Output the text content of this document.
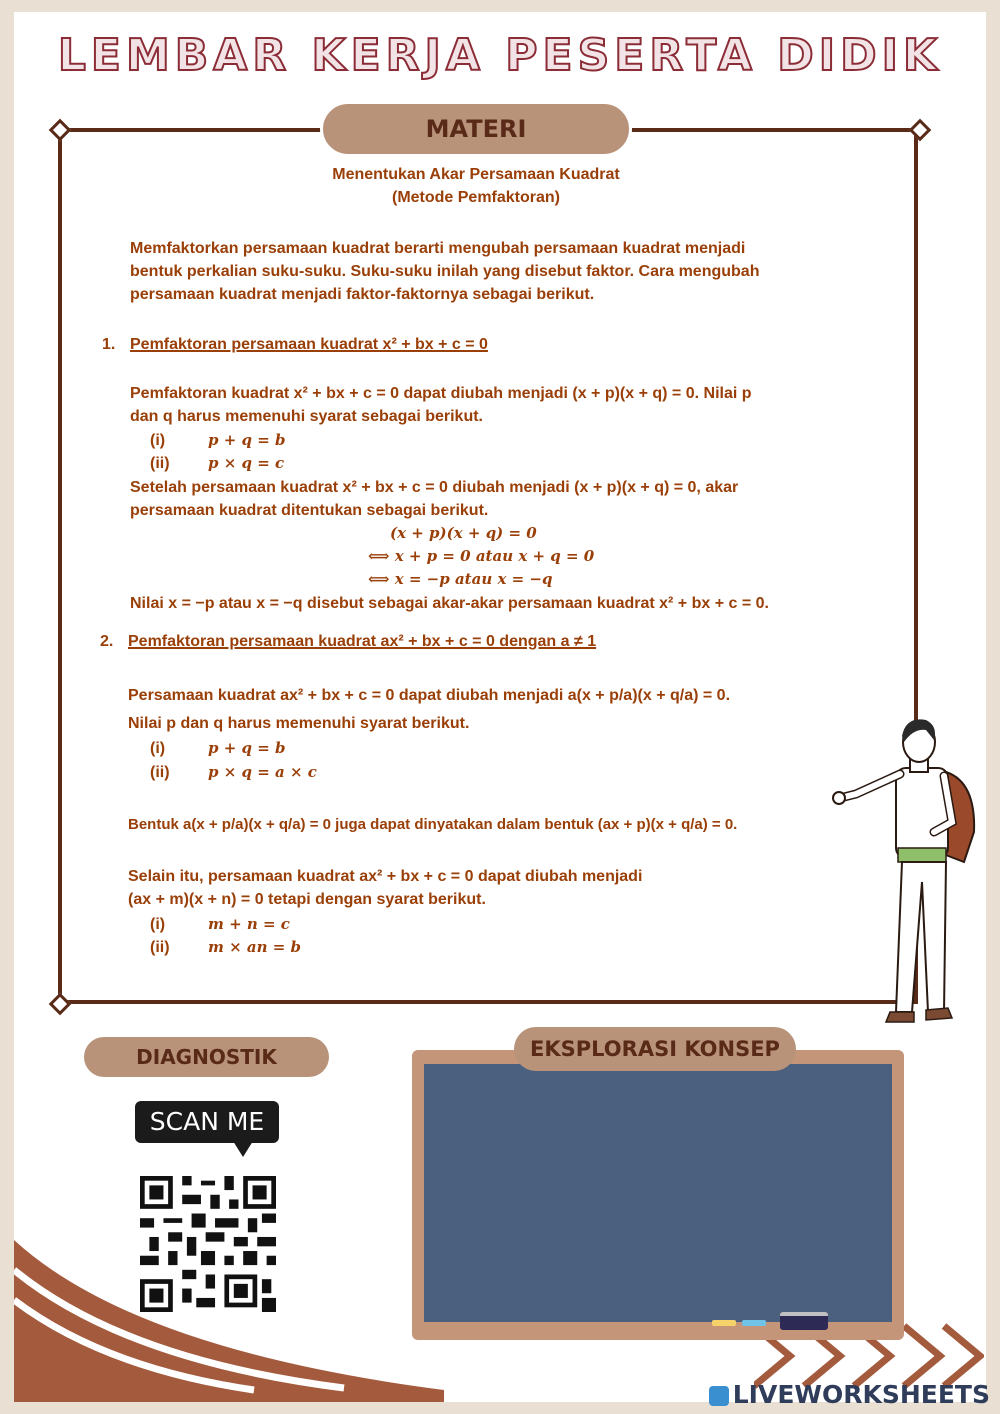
LEMBAR KERJA PESERTA DIDIK
MATERI
Menentukan Akar Persamaan Kuadrat
(Metode Pemfaktoran)
Memfaktorkan persamaan kuadrat berarti mengubah persamaan kuadrat menjadi
bentuk perkalian suku-suku. Suku-suku inilah yang disebut faktor. Cara mengubah
persamaan kuadrat menjadi faktor-faktornya sebagai berikut.
1. Pemfaktoran persamaan kuadrat x² + bx + c = 0
Pemfaktoran kuadrat x² + bx + c = 0 dapat diubah menjadi (x + p)(x + q) = 0. Nilai p
dan q harus memenuhi syarat sebagai berikut.
(i)	p + q = b
(ii)	p × q = c
Setelah persamaan kuadrat x² + bx + c = 0 diubah menjadi (x + p)(x + q) = 0, akar
persamaan kuadrat ditentukan sebagai berikut.
(x + p)(x + q) = 0
⟺ x + p = 0 atau x + q = 0
⟺ x = −p atau x = −q
Nilai x = −p atau x = −q disebut sebagai akar-akar persamaan kuadrat x² + bx + c = 0.
2. Pemfaktoran persamaan kuadrat ax² + bx + c = 0 dengan a ≠ 1
Persamaan kuadrat ax² + bx + c = 0 dapat diubah menjadi a(x + p/a)(x + q/a) = 0.
Nilai p dan q harus memenuhi syarat berikut.
(i)	p + q = b
(ii)	p × q = a × c
Bentuk a(x + p/a)(x + q/a) = 0 juga dapat dinyatakan dalam bentuk (ax + p)(x + q/a) = 0.
Selain itu, persamaan kuadrat ax² + bx + c = 0 dapat diubah menjadi
(ax + m)(x + n) = 0 tetapi dengan syarat berikut.
(i)	m + n = c
(ii)	m × an = b
DIAGNOSTIK
SCAN ME
EKSPLORASI KONSEP
LIVEWORKSHEETS
